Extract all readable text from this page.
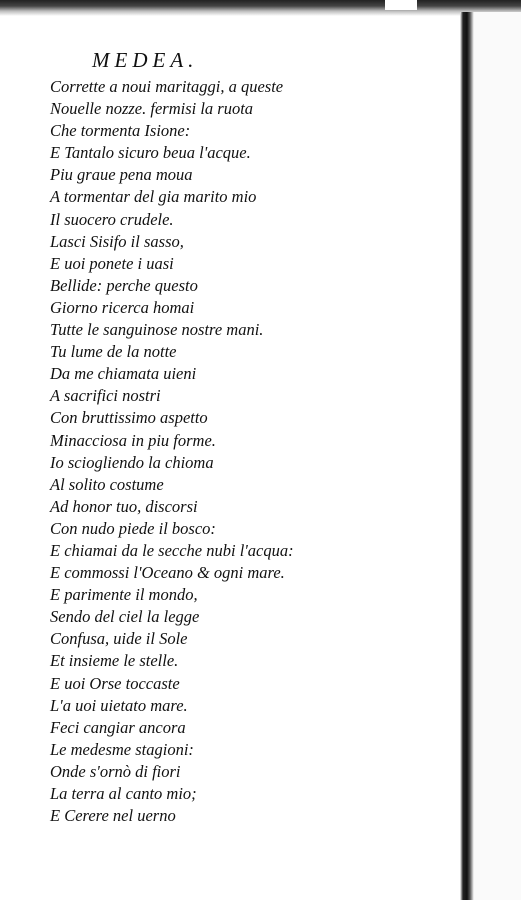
MEDEA.
Corrette a noui maritaggi, a queste
Nouelle nozze. fermisi la ruota
Che tormenta Isione:
E Tantalo sicuro beua l'acque.
Piu graue pena moua
A tormentar del gia marito mio
Il suocero crudele.
Lasci Sisifo il sasso,
E uoi ponete i uasi
Bellide: perche questo
Giorno ricerca homai
Tutte le sanguinose nostre mani.
Tu lume de la notte
Da me chiamata uieni
A sacrifici nostri
Con bruttissimo aspetto
Minacciosa in piu forme.
Io sciogliendo la chioma
Al solito costume
Ad honor tuo, discorsi
Con nudo piede il bosco:
E chiamai da le secche nubi l'acqua:
E commossi l'Oceano & ogni mare.
E parimente il mondo,
Sendo del ciel la legge
Confusa, uide il Sole
Et insieme le stelle.
E uoi Orse toccaste
L'a uoi uietato mare.
Feci cangiar ancora
Le medesme stagioni:
Onde s'ornò di fiori
La terra al canto mio;
E Cerere nel uerno
